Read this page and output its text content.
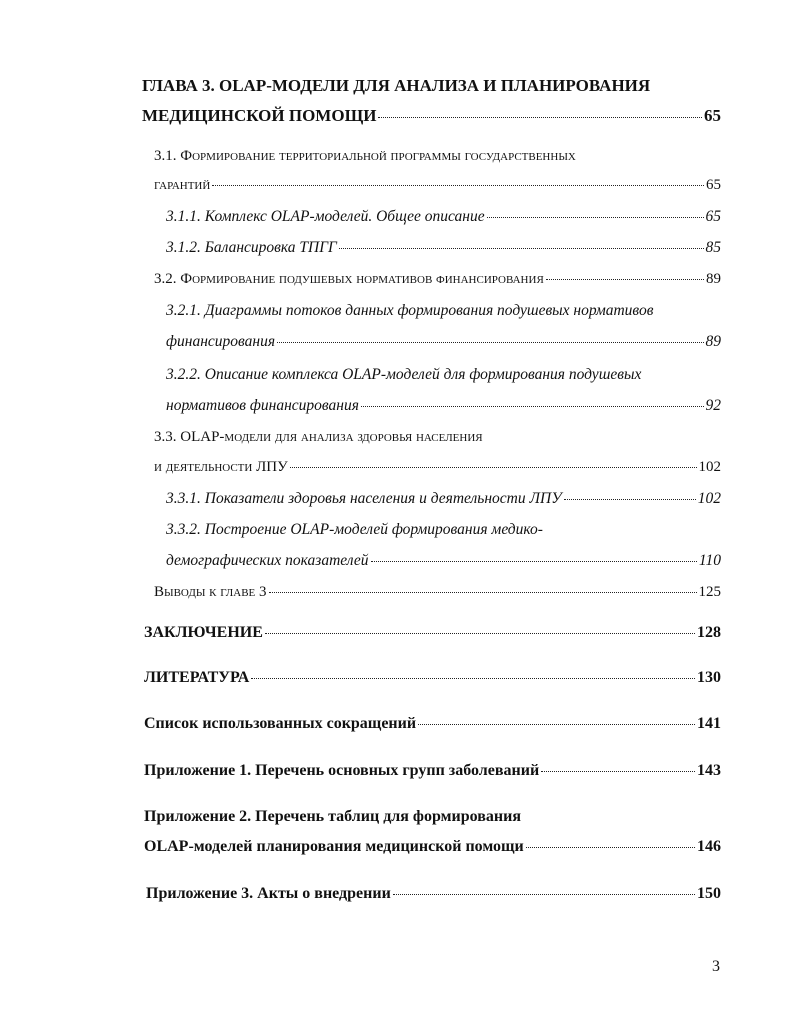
ГЛАВА 3. OLAP-МОДЕЛИ ДЛЯ АНАЛИЗА И ПЛАНИРОВАНИЯ
МЕДИЦИНСКОЙ ПОМОЩИ	65
3.1. Формирование территориальной программы государственных
гарантий	65
3.1.1. Комплекс OLAP-моделей. Общее описание	65
3.1.2. Балансировка ТПГГ	85
3.2. Формирование подушевых нормативов финансирования	89
3.2.1. Диаграммы потоков данных формирования подушевых нормативов
финансирования	89
3.2.2. Описание комплекса OLAP-моделей для формирования подушевых
нормативов финансирования	92
3.3. OLAP-модели для анализа здоровья населения
и деятельности ЛПУ	102
3.3.1. Показатели здоровья населения и деятельности ЛПУ	102
3.3.2. Построение OLAP-моделей формирования медико-
демографических показателей	110
Выводы к главе 3	125
ЗАКЛЮЧЕНИЕ	128
ЛИТЕРАТУРА	130
Список использованных сокращений	141
Приложение 1. Перечень основных групп заболеваний	143
Приложение 2. Перечень таблиц для формирования
OLAP-моделей планирования медицинской помощи	146
Приложение 3. Акты о внедрении	150
3
